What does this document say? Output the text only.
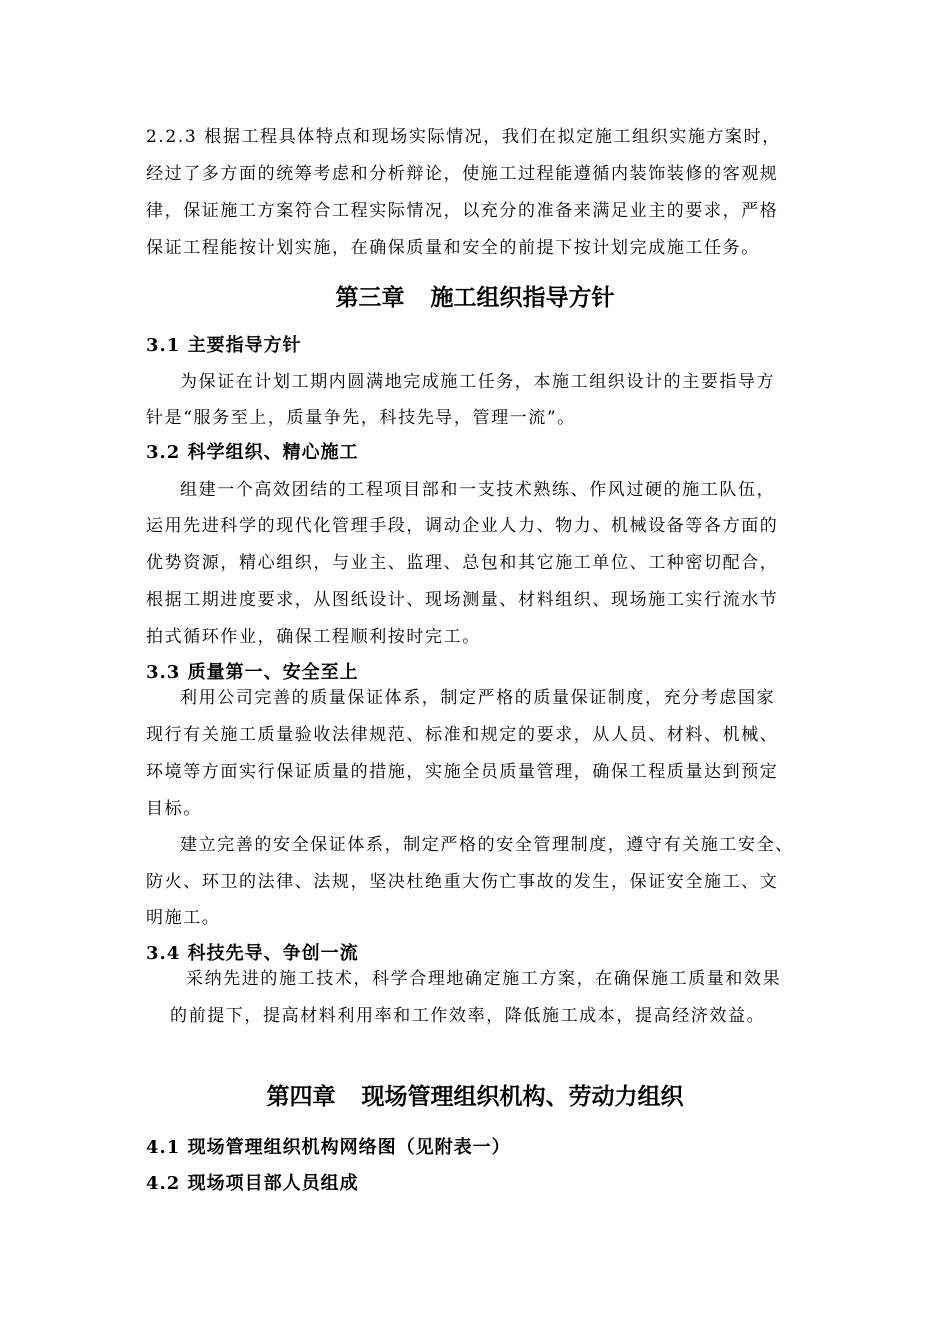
2.2.3 根据工程具体特点和现场实际情况，我们在拟定施工组织实施方案时，
经过了多方面的统筹考虑和分析辩论，使施工过程能遵循内装饰装修的客观规
律，保证施工方案符合工程实际情况，以充分的准备来满足业主的要求，严格
保证工程能按计划实施，在确保质量和安全的前提下按计划完成施工任务。
第三章 施工组织指导方针
3.1 主要指导方针
为保证在计划工期内圆满地完成施工任务，本施工组织设计的主要指导方
针是“服务至上，质量争先，科技先导，管理一流”。
3.2 科学组织、精心施工
组建一个高效团结的工程项目部和一支技术熟练、作风过硬的施工队伍，
运用先进科学的现代化管理手段，调动企业人力、物力、机械设备等各方面的
优势资源，精心组织，与业主、监理、总包和其它施工单位、工种密切配合，
根据工期进度要求，从图纸设计、现场测量、材料组织、现场施工实行流水节
拍式循环作业，确保工程顺利按时完工。
3.3 质量第一、安全至上
利用公司完善的质量保证体系，制定严格的质量保证制度，充分考虑国家
现行有关施工质量验收法律规范、标准和规定的要求，从人员、材料、机械、
环境等方面实行保证质量的措施，实施全员质量管理，确保工程质量达到预定
目标。
建立完善的安全保证体系，制定严格的安全管理制度，遵守有关施工安全、
防火、环卫的法律、法规，坚决杜绝重大伤亡事故的发生，保证安全施工、文
明施工。
3.4 科技先导、争创一流
采纳先进的施工技术，科学合理地确定施工方案，在确保施工质量和效果
的前提下，提高材料利用率和工作效率，降低施工成本，提高经济效益。
第四章 现场管理组织机构、劳动力组织
4.1 现场管理组织机构网络图（见附表一）
4.2 现场项目部人员组成
